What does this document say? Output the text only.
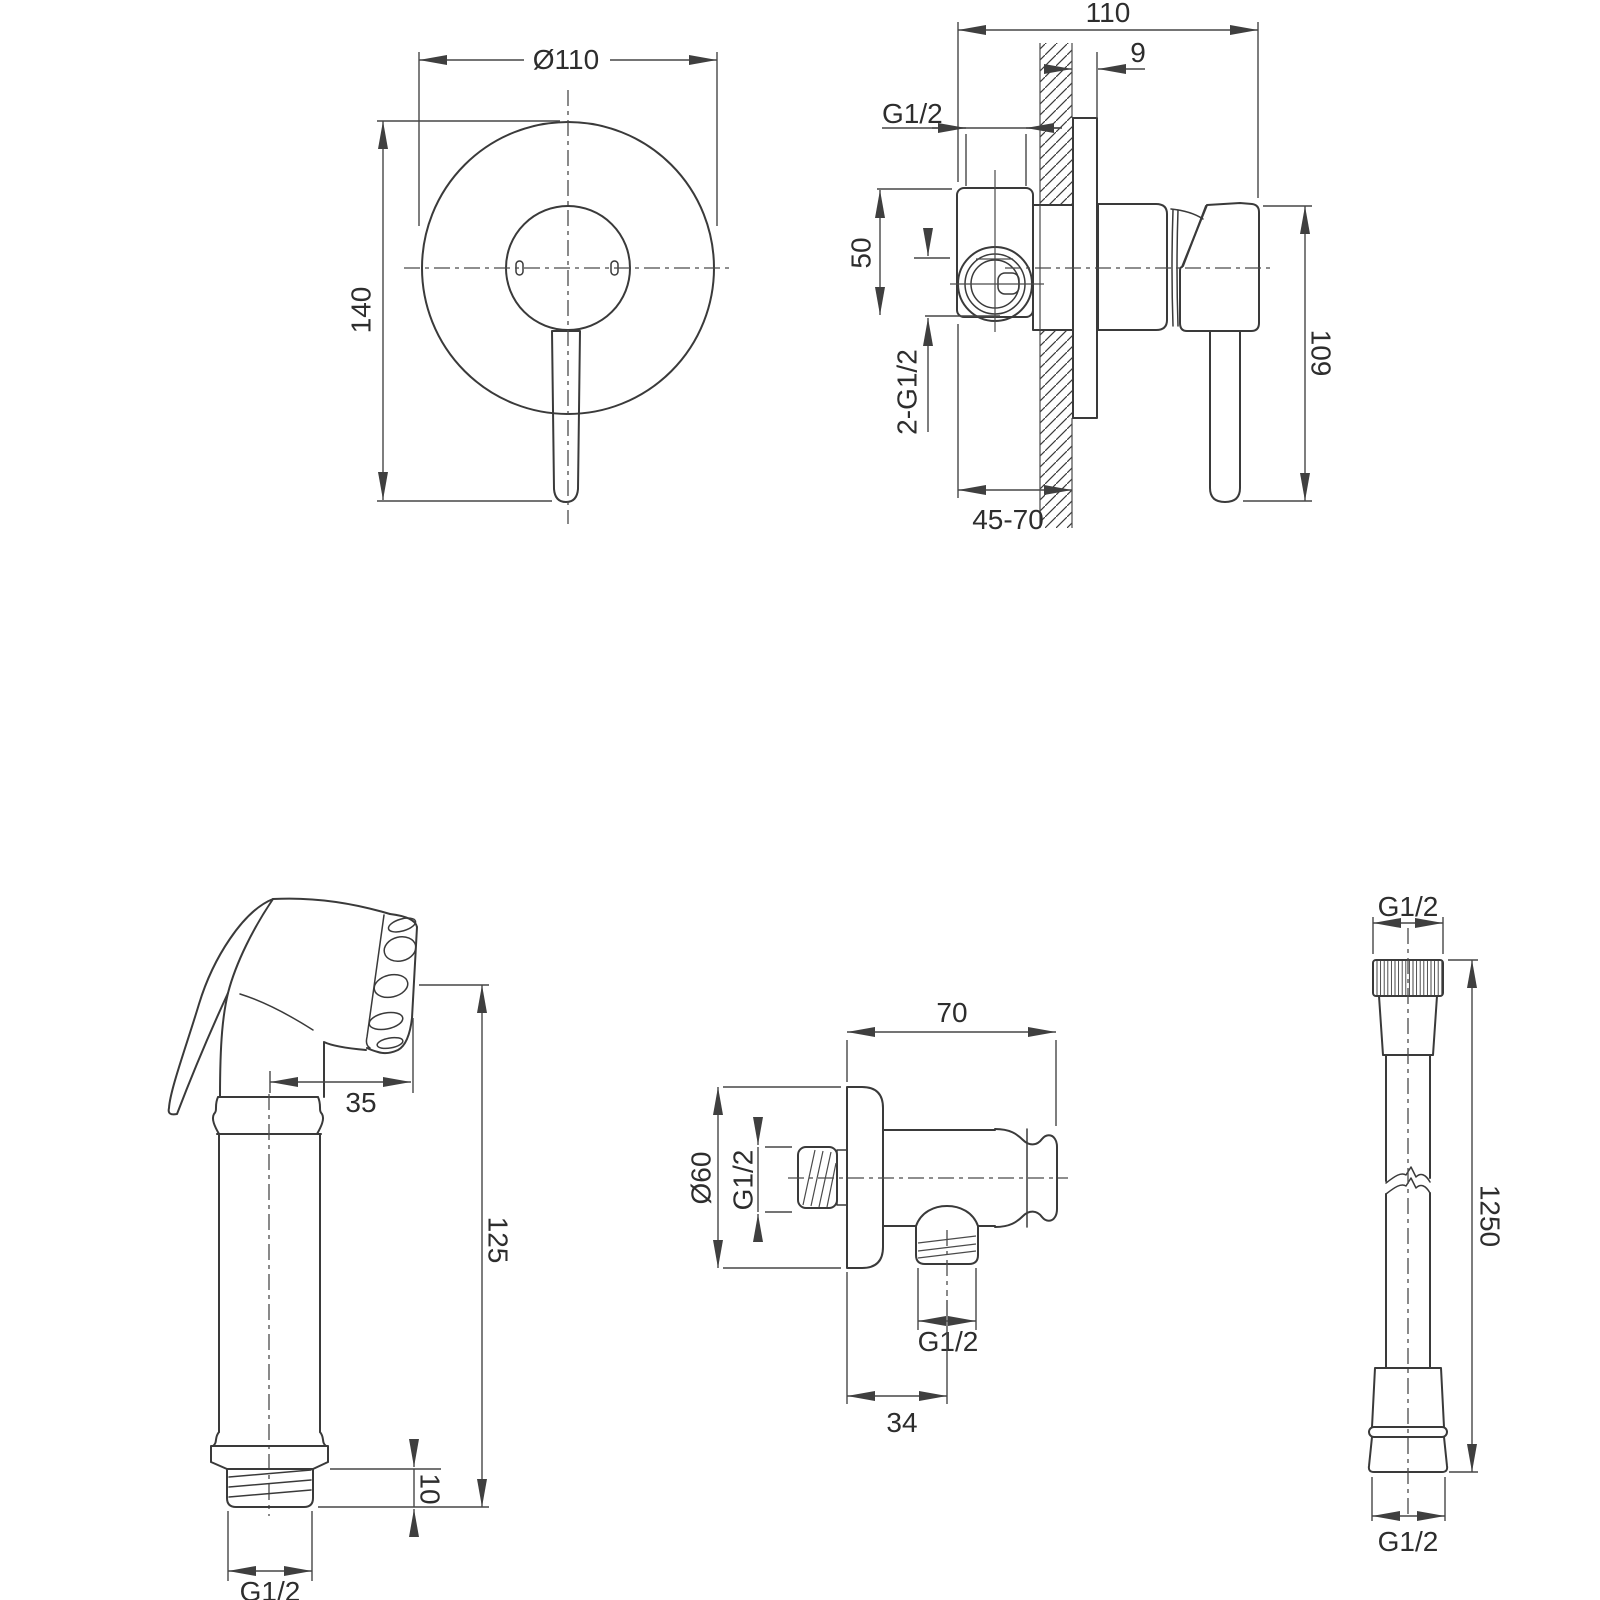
Ø110
140
110
9
G1/2
50
2-G1/2
45-70
109
35
125
10
G1/2
70
Ø60 G1/2
G1/2
34
G1/2
1250
G1/2
